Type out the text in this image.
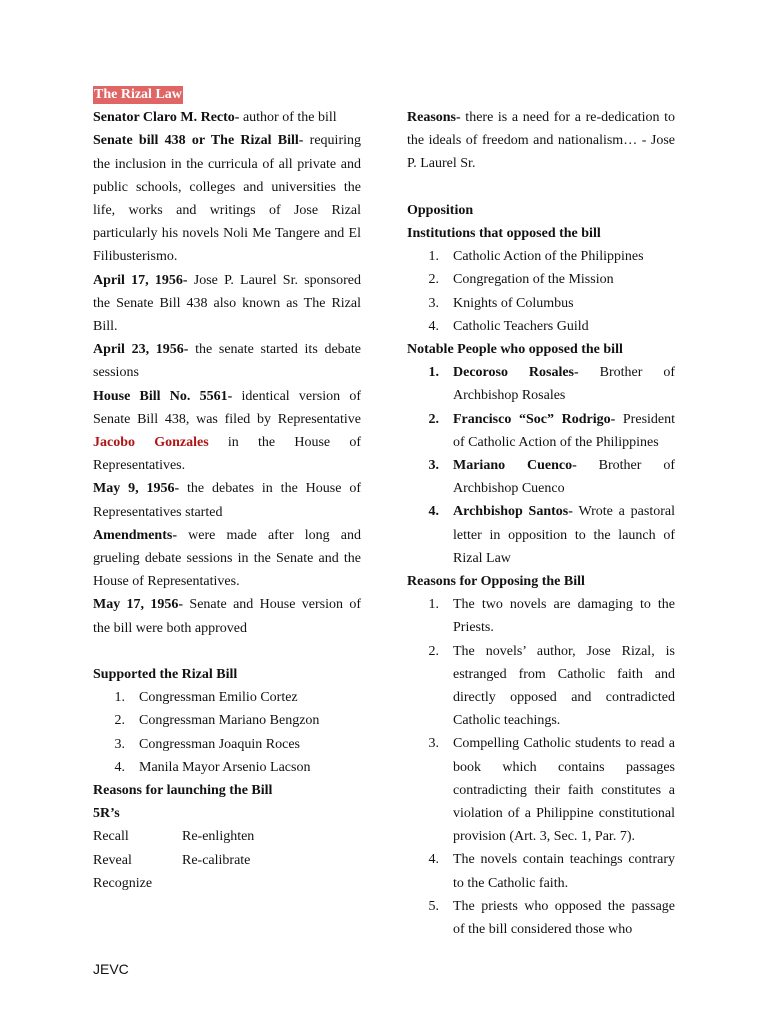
The Rizal Law

Senator Claro M. Recto- author of the bill

Senate bill 438 or The Rizal Bill- requiring the inclusion in the curricula of all private and public schools, colleges and universities the life, works and writings of Jose Rizal particularly his novels Noli Me Tangere and El Filibusterismo.

April 17, 1956- Jose P. Laurel Sr. sponsored the Senate Bill 438 also known as The Rizal Bill.

April 23, 1956- the senate started its debate sessions

House Bill No. 5561- identical version of Senate Bill 438, was filed by Representative Jacobo Gonzales in the House of Representatives.

May 9, 1956- the debates in the House of Representatives started

Amendments- were made after long and grueling debate sessions in the Senate and the House of Representatives.

May 17, 1956- Senate and House version of the bill were both approved

Supported the Rizal Bill

1.	Congressman Emilio Cortez
2.	Congressman Mariano Bengzon
3.	Congressman Joaquin Roces
4.	Manila Mayor Arsenio Lacson

Reasons for launching the Bill

5R’s

Recall	Re-enlighten
Reveal	Re-calibrate
Recognize

Reasons- there is a need for a re-dedication to the ideals of freedom and nationalism… - Jose P. Laurel Sr.

Opposition

Institutions that opposed the bill

1.	Catholic Action of the Philippines
2.	Congregation of the Mission
3.	Knights of Columbus
4.	Catholic Teachers Guild

Notable People who opposed the bill

1.	Decoroso Rosales- Brother of Archbishop Rosales
2.	Francisco “Soc” Rodrigo- President of Catholic Action of the Philippines
3.	Mariano Cuenco- Brother of Archbishop Cuenco
4.	Archbishop Santos- Wrote a pastoral letter in opposition to the launch of Rizal Law

Reasons for Opposing the Bill

1.	The two novels are damaging to the Priests.
2.	The novels’ author, Jose Rizal, is estranged from Catholic faith and directly opposed and contradicted Catholic teachings.
3.	Compelling Catholic students to read a book which contains passages contradicting their faith constitutes a violation of a Philippine constitutional provision (Art. 3, Sec. 1, Par. 7).
4.	The novels contain teachings contrary to the Catholic faith.
5.	The priests who opposed the passage of the bill considered those who
JEVC
